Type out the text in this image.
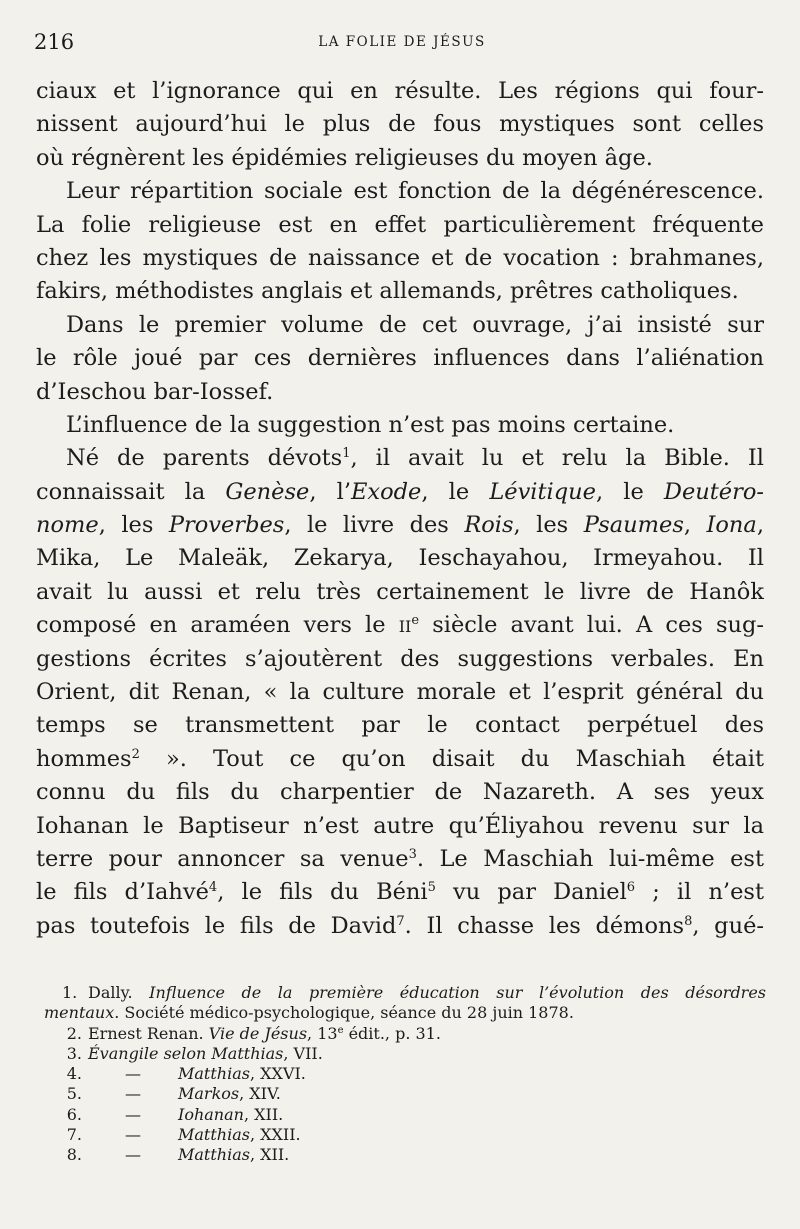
216	LA FOLIE DE JÉSUS
ciaux et l’ignorance qui en résulte. Les régions qui four-
nissent aujourd’hui le plus de fous mystiques sont celles
où régnèrent les épidémies religieuses du moyen âge.
Leur répartition sociale est fonction de la dégénérescence.
La folie religieuse est en effet particulièrement fréquente
chez les mystiques de naissance et de vocation : brahmanes,
fakirs, méthodistes anglais et allemands, prêtres catholiques.
Dans le premier volume de cet ouvrage, j’ai insisté sur
le rôle joué par ces dernières influences dans l’aliénation
d’Ieschou bar-Iossef.
L’influence de la suggestion n’est pas moins certaine.
Né de parents dévots$^1$, il avait lu et relu la Bible. Il
connaissait la Genèse, l’Exode, le Lévitique, le Deutéro-
nome, les Proverbes, le livre des Rois, les Psaumes, Iona,
Mika, Le Maleäk, Zekarya, Ieschayahou, Irmeyahou. Il
avait lu aussi et relu très certainement le livre de Hanôk
composé en araméen vers le IIe siècle avant lui. A ces sug-
gestions écrites s’ajoutèrent des suggestions verbales. En
Orient, dit Renan, « la culture morale et l’esprit général du
temps se transmettent par le contact perpétuel des
hommes$^2$ ». Tout ce qu’on disait du Maschiah était
connu du fils du charpentier de Nazareth. A ses yeux
Iohanan le Baptiseur n’est autre qu’Éliyahou revenu sur la
terre pour annoncer sa venue$^3$. Le Maschiah lui-même est
le fils d’Iahvé$^4$, le fils du Béni$^5$ vu par Daniel$^6$ ; il n’est
pas toutefois le fils de David$^7$. Il chasse les démons$^8$, gué-
1. Dally. Influence de la première éducation sur l’évolution des désordres
mentaux. Société médico-psychologique, séance du 28 juin 1878.
2. Ernest Renan. Vie de Jésus, 13e édit., p. 31.
3. Évangile selon Matthias, VII.
4.	— Matthias, XXVI.
5.	— Markos, XIV.
6.	— Iohanan, XII.
7.	— Matthias, XXII.
8.	— Matthias, XII.
